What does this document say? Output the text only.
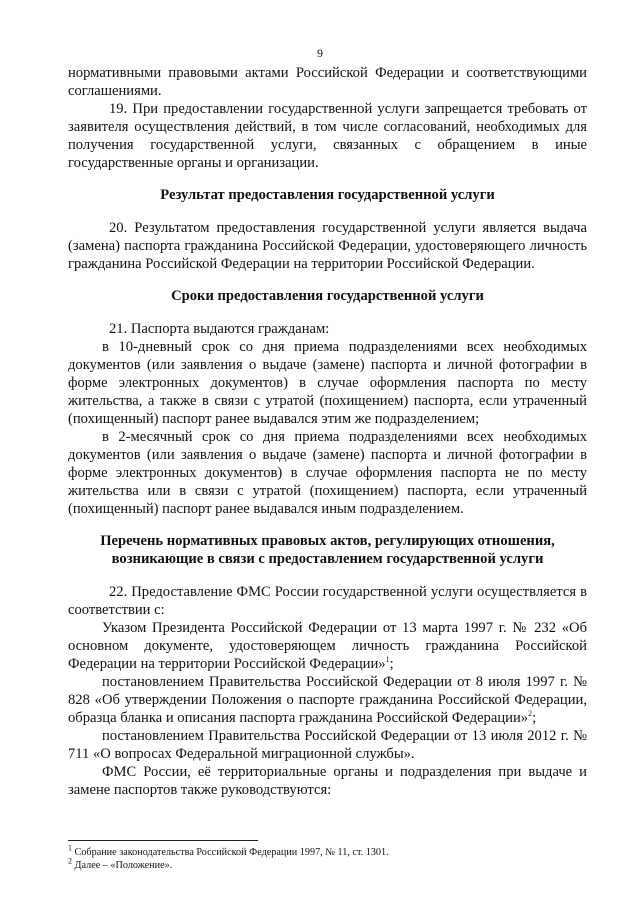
9

нормативными правовыми актами Российской Федерации и соответствующими соглашениями.

19. При предоставлении государственной услуги запрещается требовать от заявителя осуществления действий, в том числе согласований, необходимых для получения государственной услуги, связанных с обращением в иные государственные органы и организации.

Результат предоставления государственной услуги

20. Результатом предоставления государственной услуги является выдача (замена) паспорта гражданина Российской Федерации, удостоверяющего личность гражданина Российской Федерации на территории Российской Федерации.

Сроки предоставления государственной услуги

21. Паспорта выдаются гражданам:

в 10-дневный срок со дня приема подразделениями всех необходимых документов (или заявления о выдаче (замене) паспорта и личной фотографии в форме электронных документов) в случае оформления паспорта по месту жительства, а также в связи с утратой (похищением) паспорта, если утраченный (похищенный) паспорт ранее выдавался этим же подразделением;

в 2-месячный срок со дня приема подразделениями всех необходимых документов (или заявления о выдаче (замене) паспорта и личной фотографии в форме электронных документов) в случае оформления паспорта не по месту жительства или в связи с утратой (похищением) паспорта, если утраченный (похищенный) паспорт ранее выдавался иным подразделением.

Перечень нормативных правовых актов, регулирующих отношения,

возникающие в связи с предоставлением государственной услуги

22. Предоставление ФМС России государственной услуги осуществляется в соответствии с:

Указом Президента Российской Федерации от 13 марта 1997 г. № 232 «Об основном документе, удостоверяющем личность гражданина Российской Федерации на территории Российской Федерации»$^1$;

постановлением Правительства Российской Федерации от 8 июля 1997 г. № 828 «Об утверждении Положения о паспорте гражданина Российской Федерации, образца бланка и описания паспорта гражданина Российской Федерации»$^2$;

постановлением Правительства Российской Федерации от 13 июля 2012 г. № 711 «О вопросах Федеральной миграционной службы».

ФМС России, её территориальные органы и подразделения при выдаче и замене паспортов также руководствуются:

$^1$ Собрание законодательства Российской Федерации 1997, № 11, ст. 1301.

$^2$ Далее – «Положение».
